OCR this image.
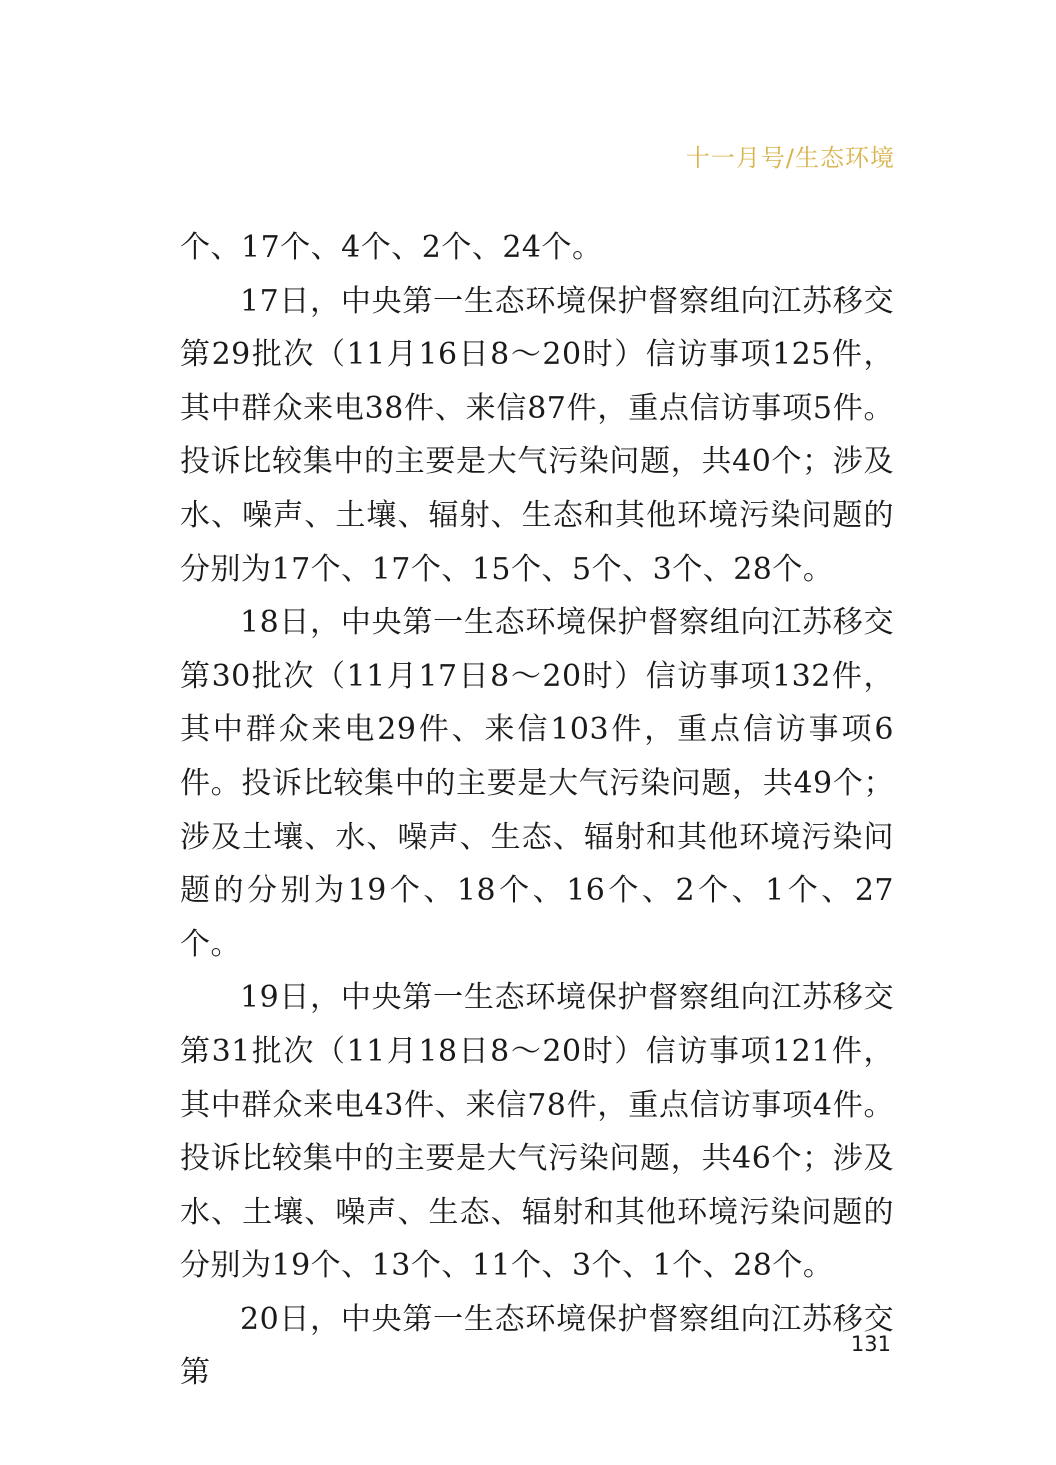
十一月号/生态环境

个、17个、4个、2个、24个。

17日，中央第一生态环境保护督察组向江苏移交第29批次（11月16日8～20时）信访事项125件，其中群众来电38件、来信87件，重点信访事项5件。投诉比较集中的主要是大气污染问题，共40个；涉及水、噪声、土壤、辐射、生态和其他环境污染问题的分别为17个、17个、15个、5个、3个、28个。

18日，中央第一生态环境保护督察组向江苏移交第30批次（11月17日8～20时）信访事项132件，其中群众来电29件、来信103件，重点信访事项6件。投诉比较集中的主要是大气污染问题，共49个；涉及土壤、水、噪声、生态、辐射和其他环境污染问题的分别为19个、18个、16个、2个、1个、27个。

19日，中央第一生态环境保护督察组向江苏移交第31批次（11月18日8～20时）信访事项121件，其中群众来电43件、来信78件，重点信访事项4件。投诉比较集中的主要是大气污染问题，共46个；涉及水、土壤、噪声、生态、辐射和其他环境污染问题的分别为19个、13个、11个、3个、1个、28个。

20日，中央第一生态环境保护督察组向江苏移交第

131
